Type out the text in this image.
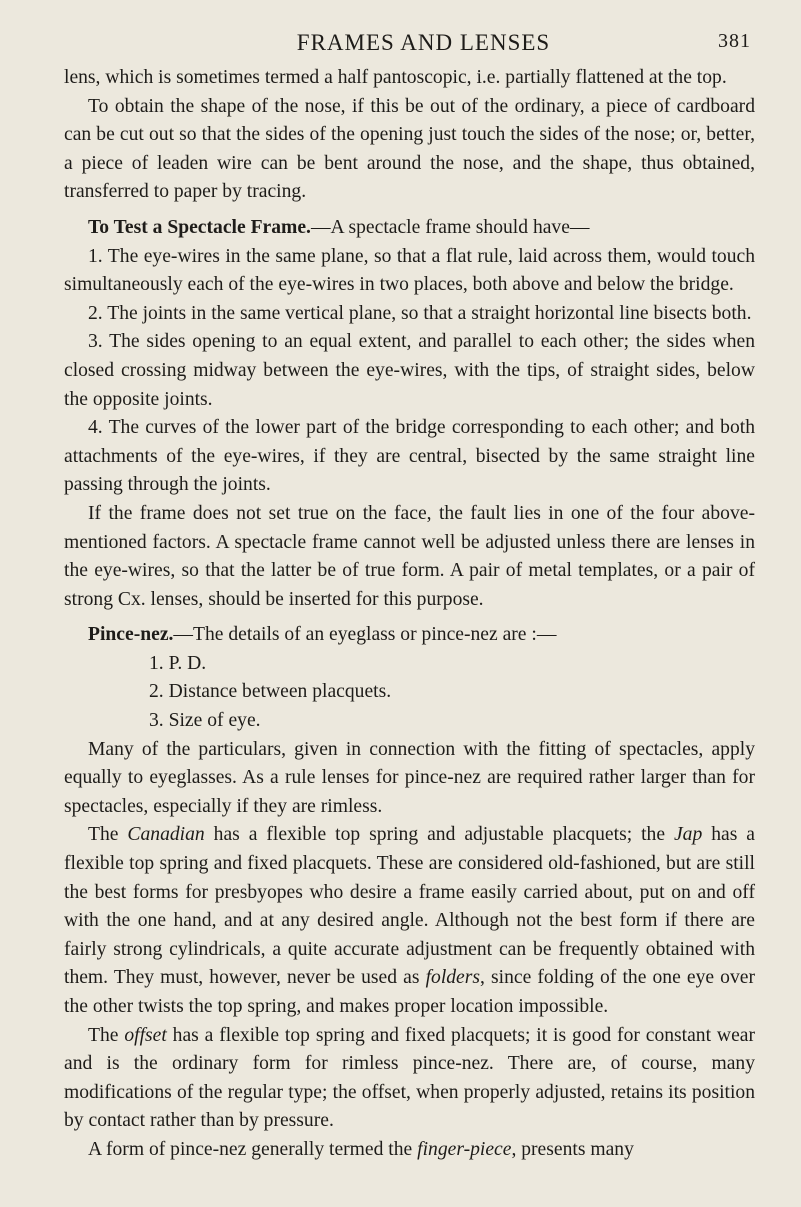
FRAMES AND LENSES	381

lens, which is sometimes termed a half pantoscopic, i.e. partially flattened at the top.

To obtain the shape of the nose, if this be out of the ordinary, a piece of cardboard can be cut out so that the sides of the opening just touch the sides of the nose; or, better, a piece of leaden wire can be bent around the nose, and the shape, thus obtained, transferred to paper by tracing.

To Test a Spectacle Frame.—A spectacle frame should have—

1. The eye-wires in the same plane, so that a flat rule, laid across them, would touch simultaneously each of the eye-wires in two places, both above and below the bridge.

2. The joints in the same vertical plane, so that a straight horizontal line bisects both.

3. The sides opening to an equal extent, and parallel to each other; the sides when closed crossing midway between the eye-wires, with the tips, of straight sides, below the opposite joints.

4. The curves of the lower part of the bridge corresponding to each other; and both attachments of the eye-wires, if they are central, bisected by the same straight line passing through the joints.

If the frame does not set true on the face, the fault lies in one of the four above-mentioned factors. A spectacle frame cannot well be adjusted unless there are lenses in the eye-wires, so that the latter be of true form. A pair of metal templates, or a pair of strong Cx. lenses, should be inserted for this purpose.

Pince-nez.—The details of an eyeglass or pince-nez are :—

1. P. D.
2. Distance between placquets.
3. Size of eye.

Many of the particulars, given in connection with the fitting of spectacles, apply equally to eyeglasses. As a rule lenses for pince-nez are required rather larger than for spectacles, especially if they are rimless.

The Canadian has a flexible top spring and adjustable placquets; the Jap has a flexible top spring and fixed placquets. These are considered old-fashioned, but are still the best forms for presbyopes who desire a frame easily carried about, put on and off with the one hand, and at any desired angle. Although not the best form if there are fairly strong cylindricals, a quite accurate adjustment can be frequently obtained with them. They must, however, never be used as folders, since folding of the one eye over the other twists the top spring, and makes proper location impossible.

The offset has a flexible top spring and fixed placquets; it is good for constant wear and is the ordinary form for rimless pince-nez. There are, of course, many modifications of the regular type; the offset, when properly adjusted, retains its position by contact rather than by pressure.

A form of pince-nez generally termed the finger-piece, presents many
